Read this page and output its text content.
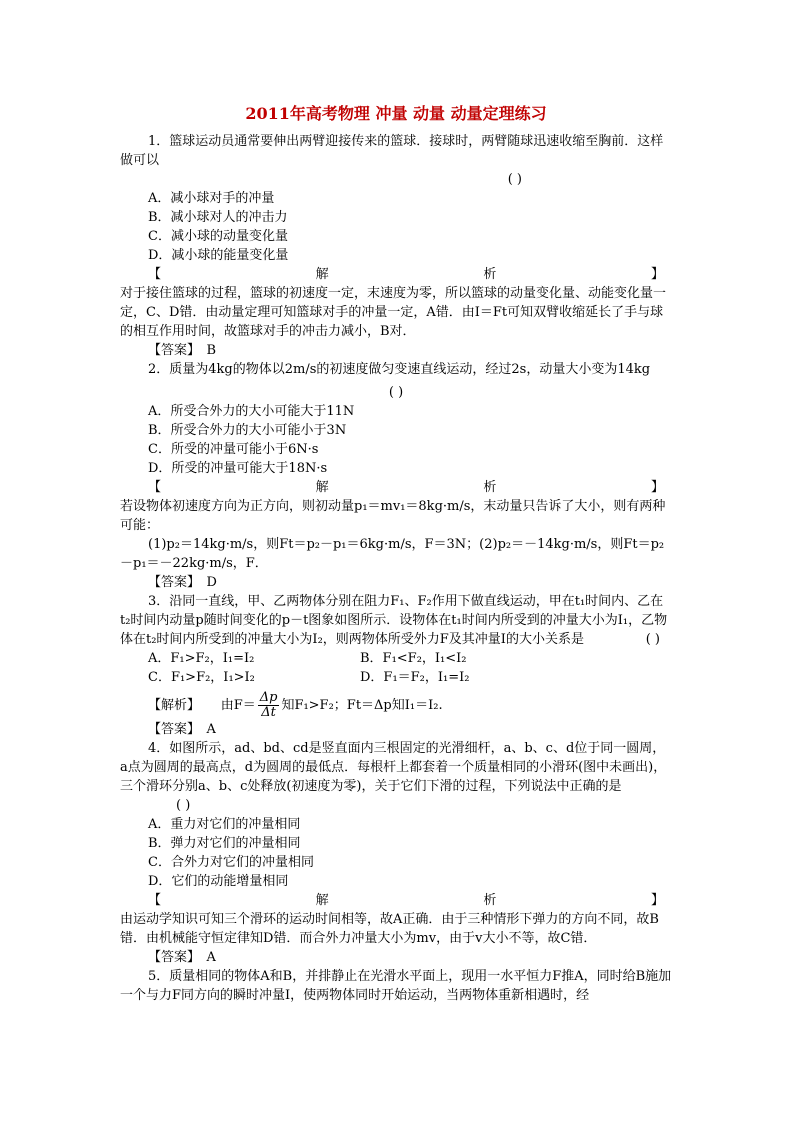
2011年高考物理 冲量 动量 动量定理练习

1．篮球运动员通常要伸出两臂迎接传来的篮球．接球时，两臂随球迅速收缩至胸前．这样做可以

( )

A．减小球对手的冲量

B．减小球对人的冲击力

C．减小球的动量变化量

D．减小球的能量变化量

【	解	析	】

对于接住篮球的过程，篮球的初速度一定，末速度为零，所以篮球的动量变化量、动能变化量一定，C、D错．由动量定理可知篮球对手的冲量一定，A错．由I＝Ft可知双臂收缩延长了手与球的相互作用时间，故篮球对手的冲击力减小，B对．

【答案】　B

2．质量为4kg的物体以2m/s的初速度做匀变速直线运动，经过2s，动量大小变为14kg

( )

A．所受合外力的大小可能大于11N

B．所受合外力的大小可能小于3N

C．所受的冲量可能小于6N·s

D．所受的冲量可能大于18N·s

【	解	析	】

若设物体初速度方向为正方向，则初动量p₁＝mv₁＝8kg·m/s，末动量只告诉了大小，则有两种可能：

(1)p₂＝14kg·m/s，则Ft＝p₂－p₁＝6kg·m/s，F＝3N；(2)p₂＝－14kg·m/s，则Ft＝p₂－p₁＝－22kg·m/s，F．

【答案】　D

3．沿同一直线，甲、乙两物体分别在阻力F₁、F₂作用下做直线运动，甲在t₁时间内、乙在t₂时间内动量p随时间变化的p－t图象如图所示．设物体在t₁时间内所受到的冲量大小为I₁，乙物体在t₂时间内所受到的冲量大小为I₂，则两物体所受外力F及其冲量I的大小关系是	( )

A．F₁>F₂，I₁=I₂	B．F₁<F₂，I₁<I₂
C．F₁>F₂，I₁>I₂	D．F₁＝F₂，I₁=I₂

【解析】 由$F= \frac{\Delta p}{\Delta t}$ 知F₁>F₂；Ft＝Δp知I₁＝I₂.

【答案】　A

4．如图所示，ad、bd、cd是竖直面内三根固定的光滑细杆，a、b、c、d位于同一圆周，a点为圆周的最高点，d为圆周的最低点．每根杆上都套着一个质量相同的小滑环(图中未画出)，三个滑环分别a、b、c处释放(初速度为零)，关于它们下滑的过程，下列说法中正确的是

( )

A．重力对它们的冲量相同

B．弹力对它们的冲量相同

C．合外力对它们的冲量相同

D．它们的动能增量相同

【	解	析	】

由运动学知识可知三个滑环的运动时间相等，故A正确．由于三种情形下弹力的方向不同，故B错．由机械能守恒定律知D错．而合外力冲量大小为mv，由于v大小不等，故C错．

【答案】　A

5．质量相同的物体A和B，并排静止在光滑水平面上，现用一水平恒力F推A，同时给B施加一个与力F同方向的瞬时冲量I，使两物体同时开始运动，当两物体重新相遇时，经
